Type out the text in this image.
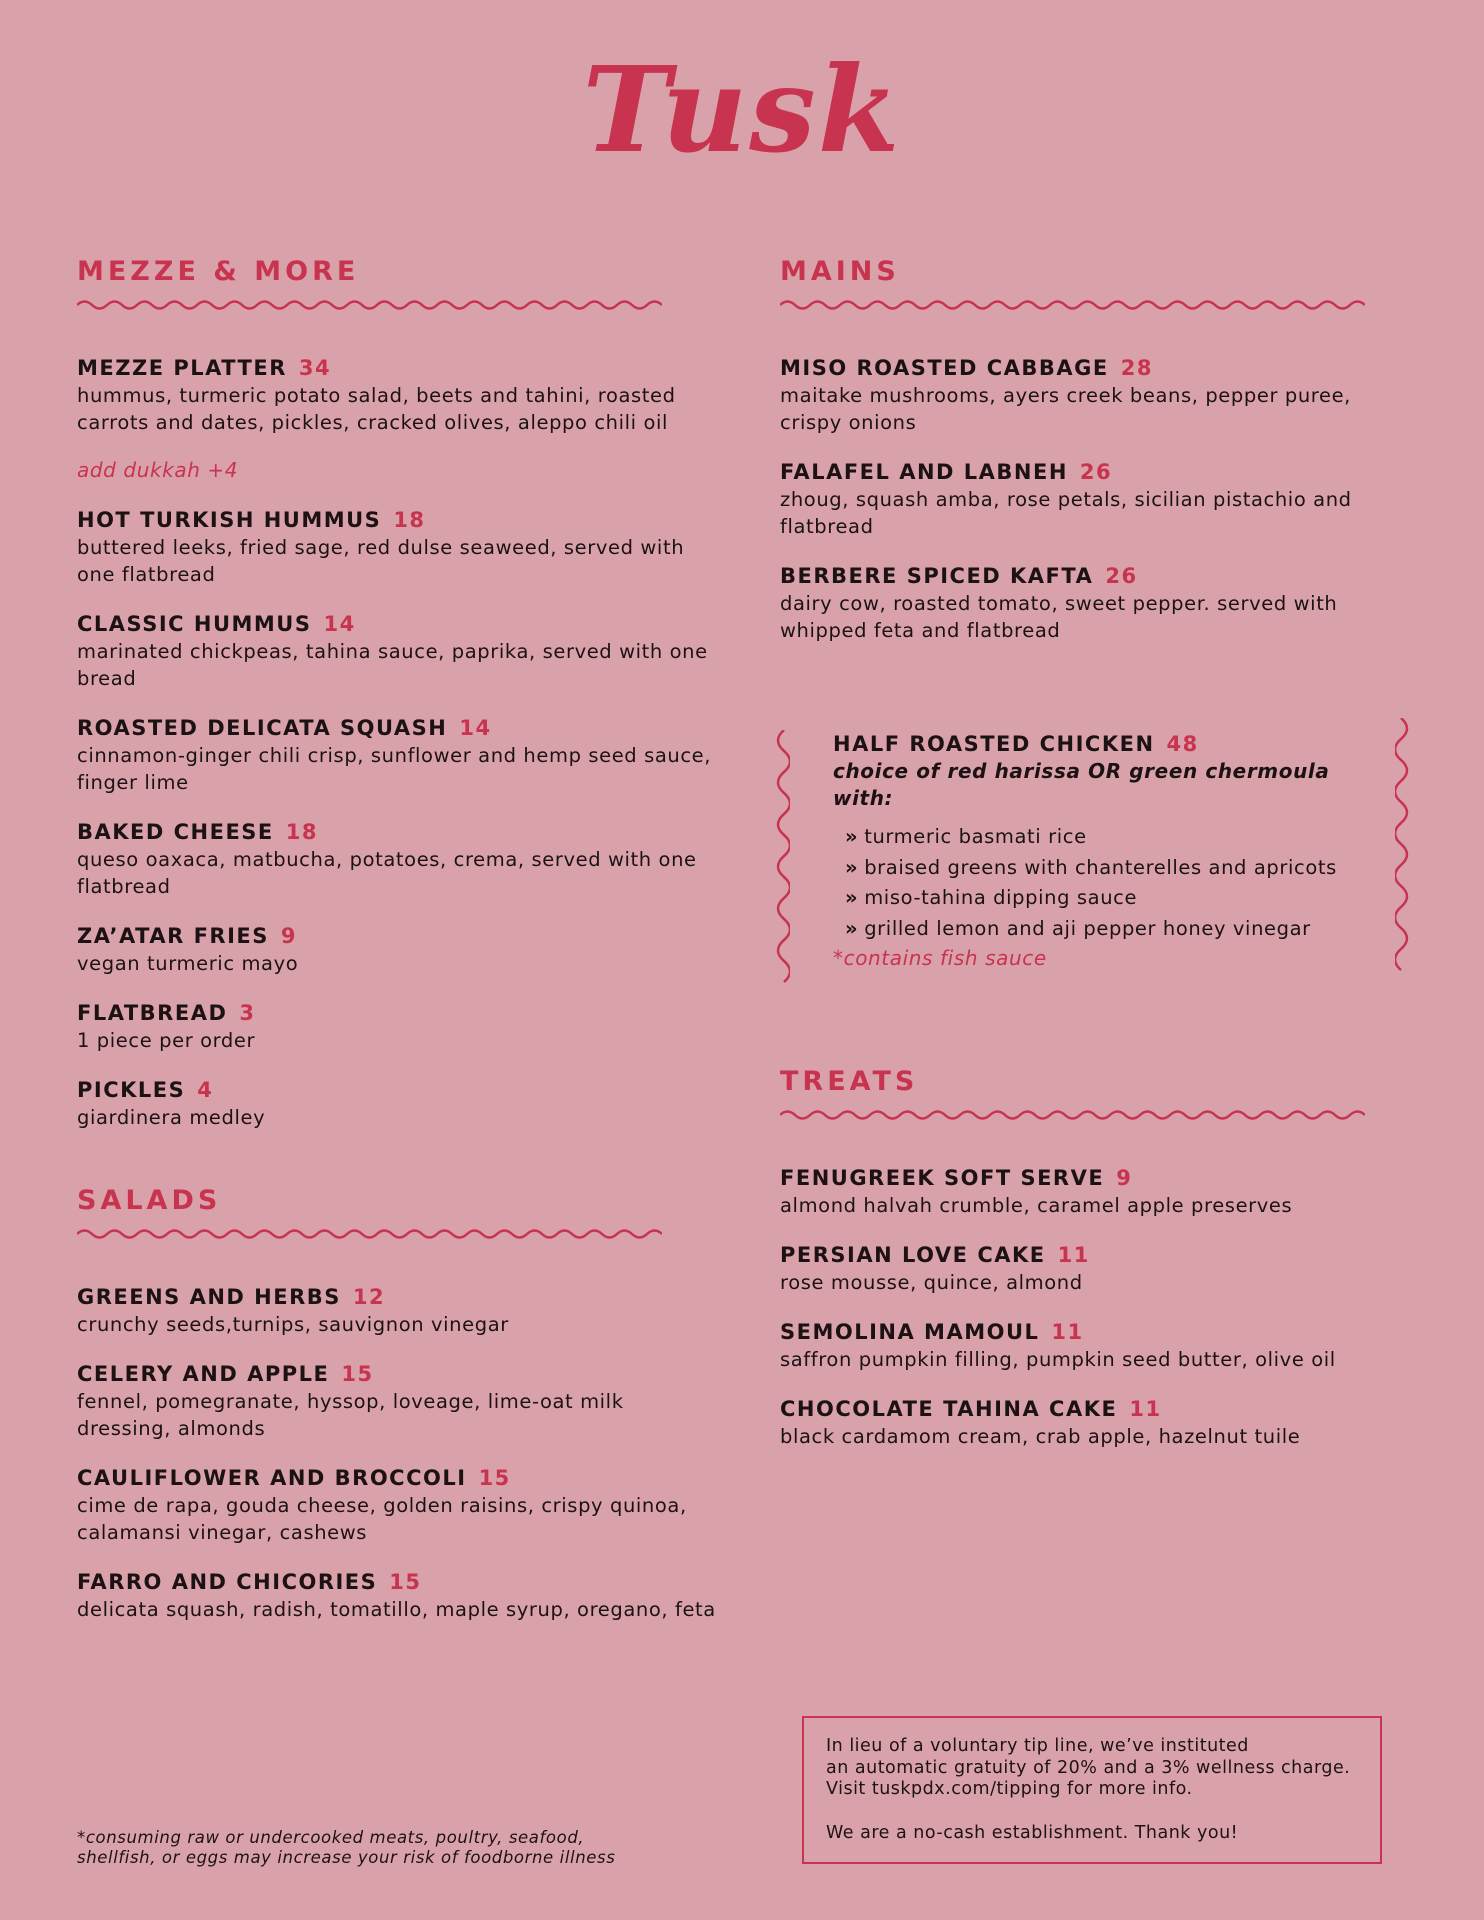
Tusk
MEZZE & MORE
MEZZE PLATTER 34
hummus, turmeric potato salad, beets and tahini, roasted carrots and dates, pickles, cracked olives, aleppo chili oil
add dukkah +4
HOT TURKISH HUMMUS 18
buttered leeks, fried sage, red dulse seaweed, served with one flatbread
CLASSIC HUMMUS 14
marinated chickpeas, tahina sauce, paprika, served with one bread
ROASTED DELICATA SQUASH 14
cinnamon-ginger chili crisp, sunflower and hemp seed sauce, finger lime
BAKED CHEESE 18
queso oaxaca, matbucha, potatoes, crema, served with one flatbread
ZA’ATAR FRIES 9
vegan turmeric mayo
FLATBREAD 3
1 piece per order
PICKLES 4
giardinera medley
SALADS
GREENS AND HERBS 12
crunchy seeds,turnips, sauvignon vinegar
CELERY AND APPLE 15
fennel, pomegranate, hyssop, loveage, lime-oat milk dressing, almonds
CAULIFLOWER AND BROCCOLI 15
cime de rapa, gouda cheese, golden raisins, crispy quinoa, calamansi vinegar, cashews
FARRO AND CHICORIES 15
delicata squash, radish, tomatillo, maple syrup, oregano, feta
MAINS
MISO ROASTED CABBAGE 28
maitake mushrooms, ayers creek beans, pepper puree, crispy onions
FALAFEL AND LABNEH 26
zhoug, squash amba, rose petals, sicilian pistachio and flatbread
BERBERE SPICED KAFTA 26
dairy cow, roasted tomato, sweet pepper. served with whipped feta and flatbread
HALF ROASTED CHICKEN 48
choice of red harissa OR green chermoula with:
» turmeric basmati rice
» braised greens with chanterelles and apricots
» miso-tahina dipping sauce
» grilled lemon and aji pepper honey vinegar
*contains fish sauce
TREATS
FENUGREEK SOFT SERVE 9
almond halvah crumble, caramel apple preserves
PERSIAN LOVE CAKE 11
rose mousse, quince, almond
SEMOLINA MAMOUL 11
saffron pumpkin filling, pumpkin seed butter, olive oil
CHOCOLATE TAHINA CAKE 11
black cardamom cream, crab apple, hazelnut tuile

In lieu of a voluntary tip line, we’ve instituted

an automatic gratuity of 20% and a 3% wellness charge.

Visit tuskpdx.com/tipping for more info.

We are a no-cash establishment. Thank you!

*consuming raw or undercooked meats, poultry, seafood,
shellfish, or eggs may increase your risk of foodborne illness
